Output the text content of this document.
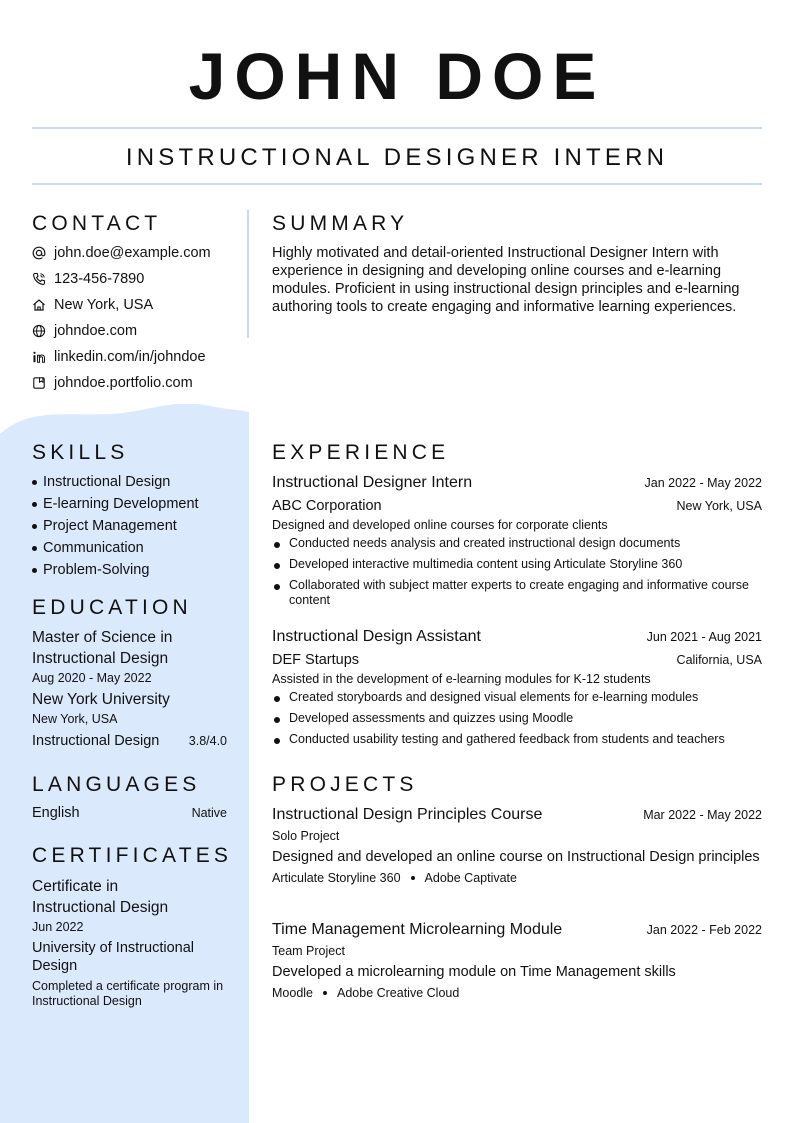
JOHN DOE
INSTRUCTIONAL DESIGNER INTERN
CONTACT
john.doe@example.com
123-456-7890
New York, USA
johndoe.com
linkedin.com/in/johndoe
johndoe.portfolio.com
SUMMARY

Highly motivated and detail-oriented Instructional Designer Intern with experience in designing and developing online courses and e-learning modules. Proficient in using instructional design principles and e-learning authoring tools to create engaging and informative learning experiences.

SKILLS
Instructional Design
E-learning Development
Project Management
Communication
Problem-Solving
EDUCATION
Master of Science in Instructional Design
Aug 2020 - May 2022
New York University
New York, USA
Instructional Design 3.8/4.0
LANGUAGES
English	Native
CERTIFICATES
Certificate in Instructional Design
Jun 2022
University of Instructional Design
Completed a certificate program in Instructional Design
EXPERIENCE
Instructional Designer Intern	Jan 2022 - May 2022
ABC Corporation	New York, USA
Designed and developed online courses for corporate clients
Conducted needs analysis and created instructional design documents
Developed interactive multimedia content using Articulate Storyline 360
Collaborated with subject matter experts to create engaging and informative course content
Instructional Design Assistant	Jun 2021 - Aug 2021
DEF Startups	California, USA
Assisted in the development of e-learning modules for K-12 students
Created storyboards and designed visual elements for e-learning modules
Developed assessments and quizzes using Moodle
Conducted usability testing and gathered feedback from students and teachers
PROJECTS
Instructional Design Principles Course	Mar 2022 - May 2022
Solo Project
Designed and developed an online course on Instructional Design principles
Articulate Storyline 360 Adobe Captivate
Time Management Microlearning Module	Jan 2022 - Feb 2022
Team Project
Developed a microlearning module on Time Management skills
Moodle Adobe Creative Cloud
